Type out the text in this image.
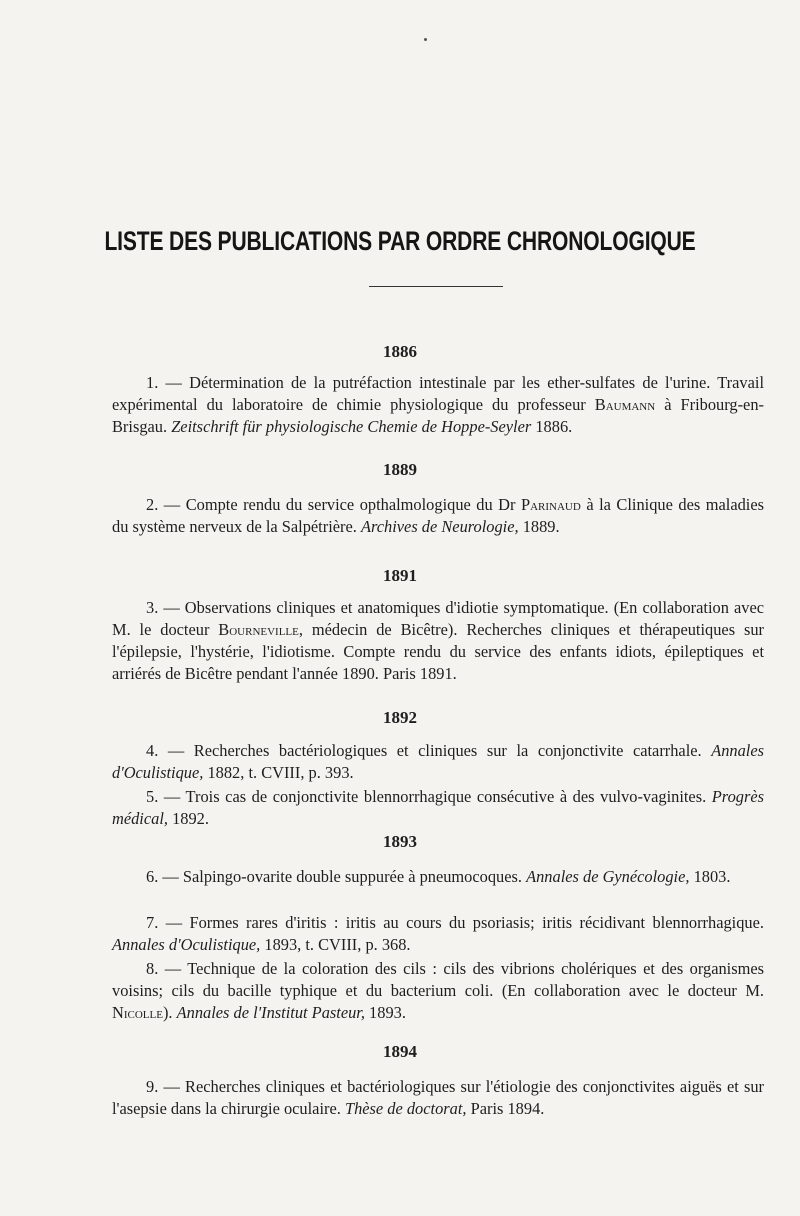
LISTE DES PUBLICATIONS PAR ORDRE CHRONOLOGIQUE
1886

1. — Détermination de la putréfaction intestinale par les ether-sulfates de l'urine. Travail expérimental du laboratoire de chimie physiologique du professeur Baumann à Fribourg-en-Brisgau. Zeitschrift für physiologische Chemie de Hoppe-Seyler 1886.

1889

2. — Compte rendu du service opthalmologique du Dr Parinaud à la Clinique des maladies du système nerveux de la Salpétrière. Archives de Neurologie, 1889.

1891

3. — Observations cliniques et anatomiques d'idiotie symptomatique. (En collaboration avec M. le docteur Bourneville, médecin de Bicêtre). Recherches cliniques et thérapeutiques sur l'épilepsie, l'hystérie, l'idiotisme. Compte rendu du service des enfants idiots, épileptiques et arriérés de Bicêtre pendant l'année 1890. Paris 1891.

1892

4. — Recherches bactériologiques et cliniques sur la conjonctivite catarrhale. Annales d'Oculistique, 1882, t. CVIII, p. 393.

5. — Trois cas de conjonctivite blennorrhagique consécutive à des vulvo-vaginites. Progrès médical, 1892.

1893

6. — Salpingo-ovarite double suppurée à pneumocoques. Annales de Gynécologie, 1803.

7. — Formes rares d'iritis : iritis au cours du psoriasis; iritis récidivant blennorrhagique. Annales d'Oculistique, 1893, t. CVIII, p. 368.

8. — Technique de la coloration des cils : cils des vibrions cholériques et des organismes voisins; cils du bacille typhique et du bacterium coli. (En collaboration avec le docteur M. Nicolle). Annales de l'Institut Pasteur, 1893.

1894

9. — Recherches cliniques et bactériologiques sur l'étiologie des conjonctivites aiguës et sur l'asepsie dans la chirurgie oculaire. Thèse de doctorat, Paris 1894.
